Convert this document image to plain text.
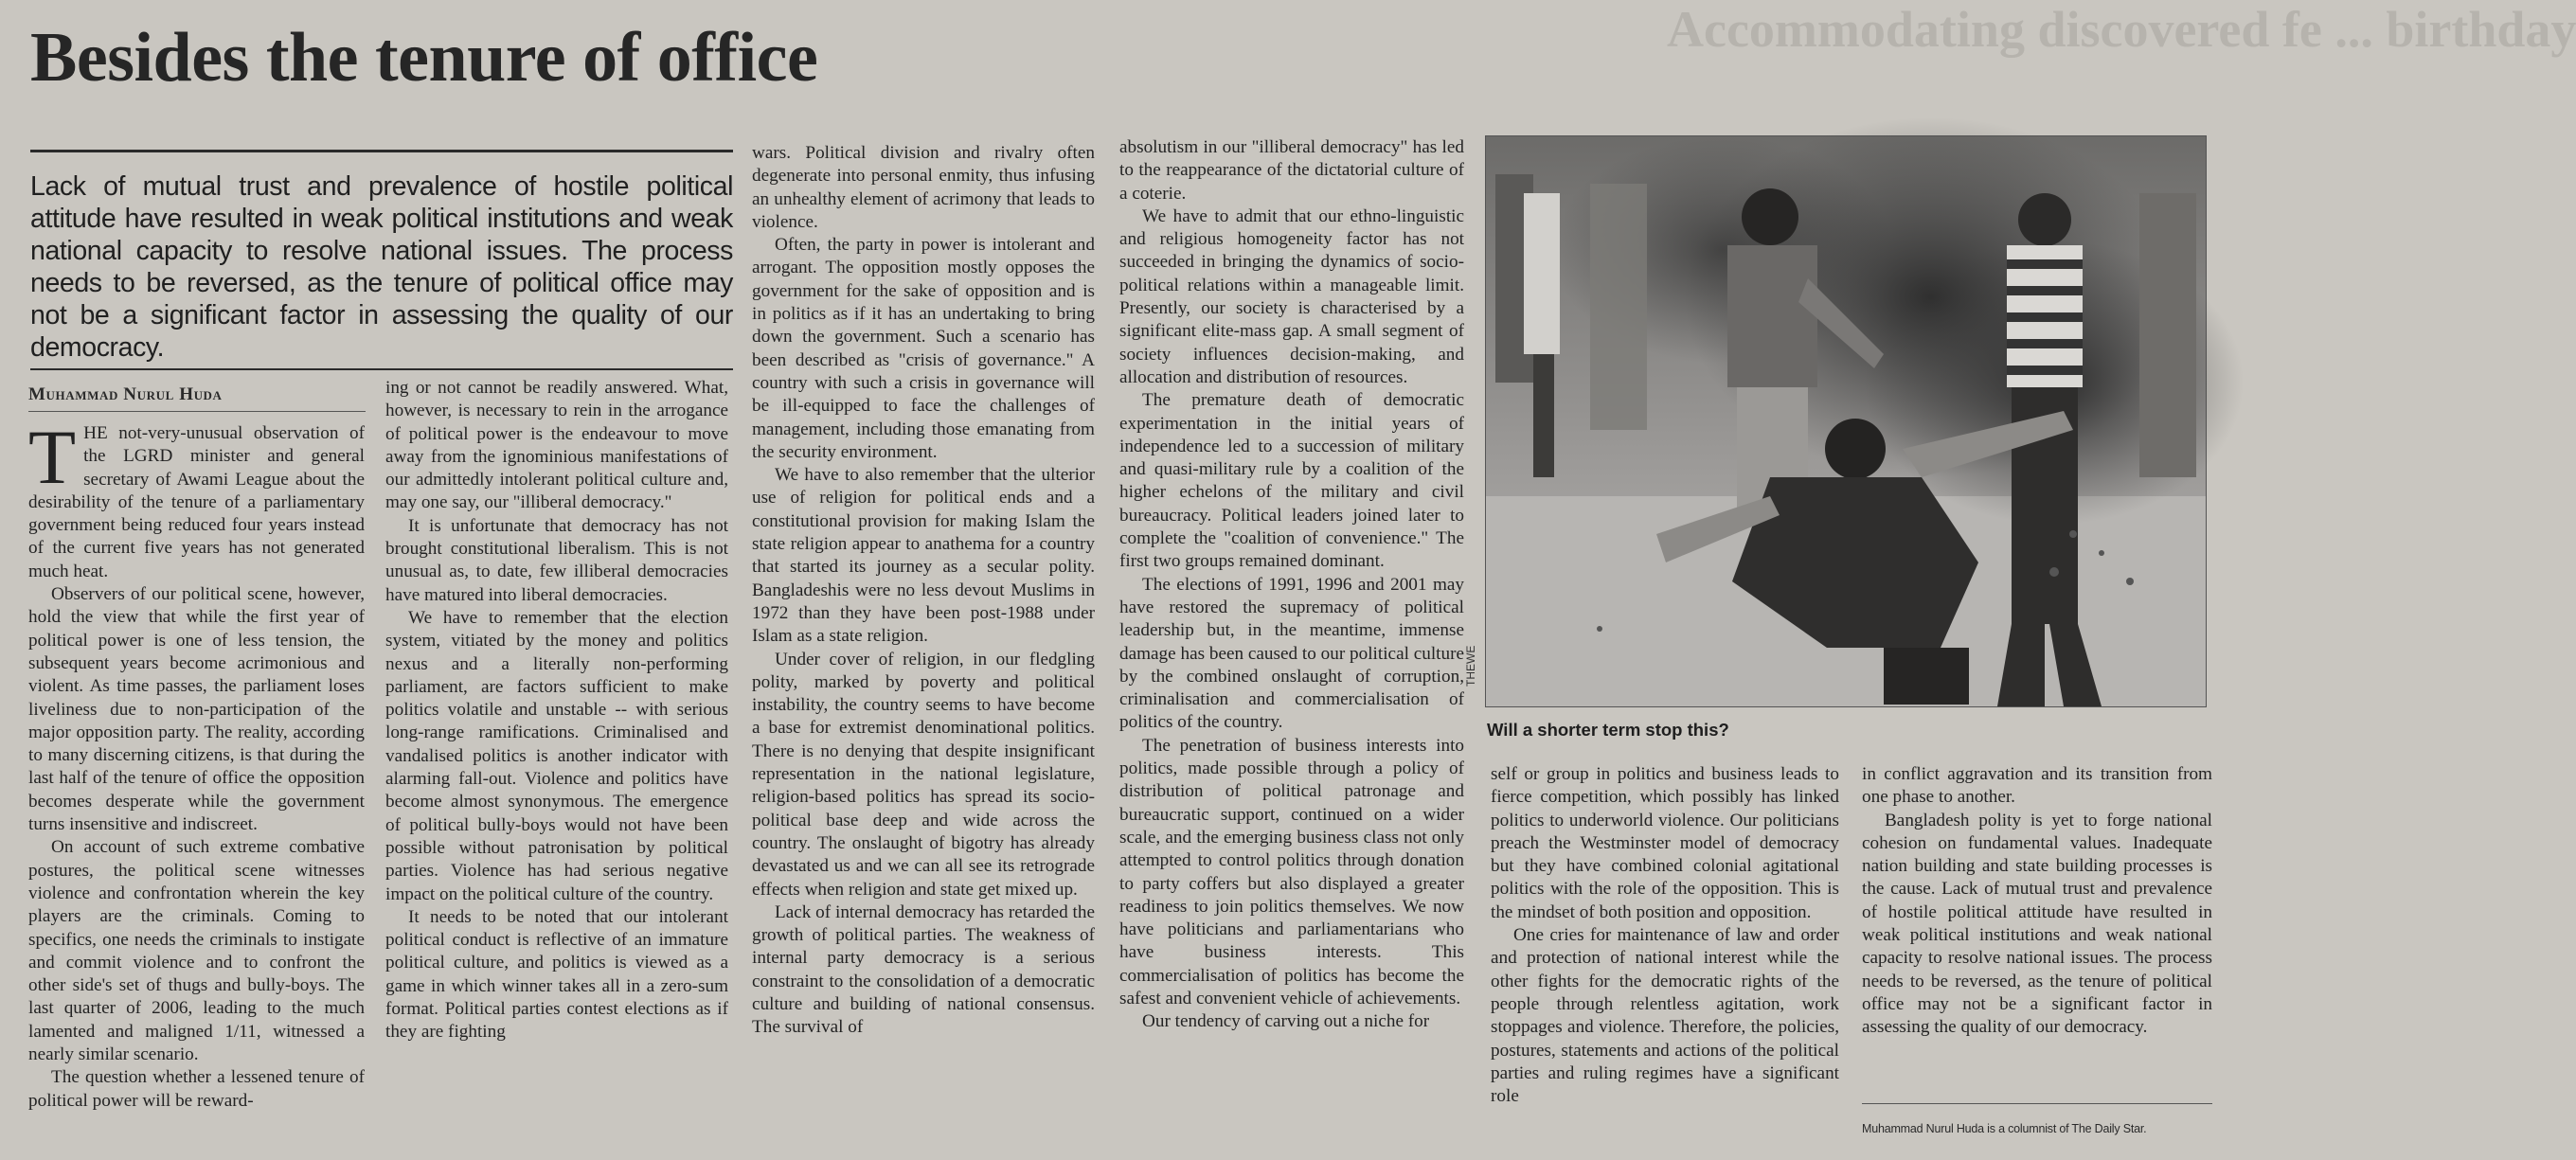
Accommodating discovered fe ... birthday
Besides the tenure of office
Lack of mutual trust and prevalence of hostile political attitude have resulted in weak political institutions and weak national capacity to resolve national issues. The process needs to be reversed, as the tenure of political office may not be a significant factor in assessing the quality of our democracy.
Muhammad Nurul Huda

THE not-very-unusual observation of the LGRD minister and general secretary of Awami League about the desirability of the tenure of a parliamentary government being reduced four years instead of the current five years has not generated much heat.

Observers of our political scene, however, hold the view that while the first year of political power is one of less tension, the subsequent years become acrimonious and violent. As time passes, the parliament loses liveliness due to non-participation of the major opposition party. The reality, according to many discerning citizens, is that during the last half of the tenure of office the opposition becomes desperate while the government turns insensitive and indiscreet.

On account of such extreme combative postures, the political scene witnesses violence and confrontation wherein the key players are the criminals. Coming to specifics, one needs the criminals to instigate and commit violence and to confront the other side's set of thugs and bully-boys. The last quarter of 2006, leading to the much lamented and maligned 1/11, witnessed a nearly similar scenario.

The question whether a lessened tenure of political power will be reward-

ing or not cannot be readily answered. What, however, is necessary to rein in the arrogance of political power is the endeavour to move away from the ignominious manifestations of our admittedly intolerant political culture and, may one say, our "illiberal democracy."

It is unfortunate that democracy has not brought constitutional liberalism. This is not unusual as, to date, few illiberal democracies have matured into liberal democracies.

We have to remember that the election system, vitiated by the money and politics nexus and a literally non-performing parliament, are factors sufficient to make politics volatile and unstable -- with serious long-range ramifications. Criminalised and vandalised politics is another indicator with alarming fall-out. Violence and politics have become almost synonymous. The emergence of political bully-boys would not have been possible without patronisation by political parties. Violence has had serious negative impact on the political culture of the country.

It needs to be noted that our intolerant political conduct is reflective of an immature political culture, and politics is viewed as a game in which winner takes all in a zero-sum format. Political parties contest elections as if they are fighting

wars. Political division and rivalry often degenerate into personal enmity, thus infusing an unhealthy element of acrimony that leads to violence.

Often, the party in power is intolerant and arrogant. The opposition mostly opposes the government for the sake of opposition and is in politics as if it has an undertaking to bring down the government. Such a scenario has been described as "crisis of governance." A country with such a crisis in governance will be ill-equipped to face the challenges of management, including those emanating from the security environment.

We have to also remember that the ulterior use of religion for political ends and a constitutional provision for making Islam the state religion appear to anathema for a country that started its journey as a secular polity. Bangladeshis were no less devout Muslims in 1972 than they have been post-1988 under Islam as a state religion.

Under cover of religion, in our fledgling polity, marked by poverty and political instability, the country seems to have become a base for extremist denominational politics. There is no denying that despite insignificant representation in the national legislature, religion-based politics has spread its socio-political base deep and wide across the country. The onslaught of bigotry has already devastated us and we can all see its retrograde effects when religion and state get mixed up.

Lack of internal democracy has retarded the growth of political parties. The weakness of internal party democracy is a serious constraint to the consolidation of a democratic culture and building of national consensus. The survival of

absolutism in our "illiberal democracy" has led to the reappearance of the dictatorial culture of a coterie.

We have to admit that our ethno-linguistic and religious homogeneity factor has not succeeded in bringing the dynamics of socio-political relations within a manageable limit. Presently, our society is characterised by a significant elite-mass gap. A small segment of society influences decision-making, and allocation and distribution of resources.

The premature death of democratic experimentation in the initial years of independence led to a succession of military and quasi-military rule by a coalition of the higher echelons of the military and civil bureaucracy. Political leaders joined later to complete the "coalition of convenience." The first two groups remained dominant.

The elections of 1991, 1996 and 2001 may have restored the supremacy of political leadership but, in the meantime, immense damage has been caused to our political culture by the combined onslaught of corruption, criminalisation and commercialisation of politics of the country.

The penetration of business interests into politics, made possible through a policy of distribution of political patronage and bureaucratic support, continued on a wider scale, and the emerging business class not only attempted to control politics through donation to party coffers but also displayed a greater readiness to join politics themselves. We now have politicians and parliamentarians who have business interests. This commercialisation of politics has become the safest and convenient vehicle of achievements.

Our tendency of carving out a niche for

THEWE
Will a shorter term stop this?

self or group in politics and business leads to fierce competition, which possibly has linked politics to underworld violence. Our politicians preach the Westminster model of democracy but they have combined colonial agitational politics with the role of the opposition. This is the mindset of both position and opposition.

One cries for maintenance of law and order and protection of national interest while the other fights for the democratic rights of the people through relentless agitation, work stoppages and violence. Therefore, the policies, postures, statements and actions of the political parties and ruling regimes have a significant role

in conflict aggravation and its transition from one phase to another.

Bangladesh polity is yet to forge national cohesion on fundamental values. Inadequate nation building and state building processes is the cause. Lack of mutual trust and prevalence of hostile political attitude have resulted in weak political institutions and weak national capacity to resolve national issues. The process needs to be reversed, as the tenure of political office may not be a significant factor in assessing the quality of our democracy.

Muhammad Nurul Huda is a columnist of The Daily Star.
